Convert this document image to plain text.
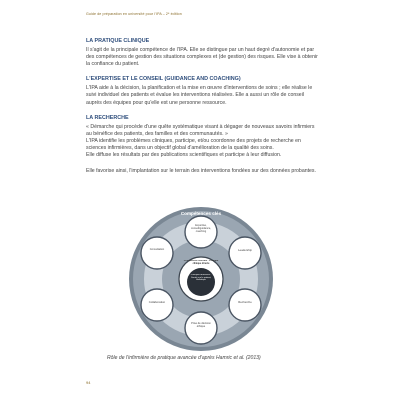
Guide de préparation en université pour l'IPA – 2ᵉ édition
LA PRATIQUE CLINIQUE

Il s'agit de la principale compétence de l'IPA. Elle se distingue par un haut degré d'autonomie et par des compétences de gestion des situations complexes et (de gestion) des risques. Elle vise à obtenir la confiance du patient.

L'EXPERTISE ET LE CONSEIL (GUIDANCE AND COACHING)

L'IPA aide à la décision, la planification et la mise en œuvre d'interventions de soins ; elle réalise le suivi individuel des patients et évalue les interventions réalisées. Elle a aussi un rôle de conseil auprès des équipes pour qu'elle est une personne ressource.

LA RECHERCHE

« Démarche qui procède d'une quête systématique visant à dégager de nouveaux savoirs infirmiers au bénéfice des patients, des familles et des communautés. »

L'IPA identifie les problèmes cliniques, participe, et/ou coordonne des projets de recherche en sciences infirmières, dans un objectif global d'amélioration de la qualité des soins.

Elle diffuse les résultats par des publications scientifiques et participe à leur diffusion.

Elle favorise ainsi, l'implantation sur le terrain des interventions fondées sur des données probantes.

Compétences clés
Expertise, conseil/guidance, coaching
Leadership
Recherche
Prise de décision éthique
Collaboration
Consultation
Compétence centrale : Pratique clinique directe
Principes directeurs : Centré sur le patient, Holistique
Rôle de l'infirmière de pratique avancée d'après Hamric et al. (2013)
94
